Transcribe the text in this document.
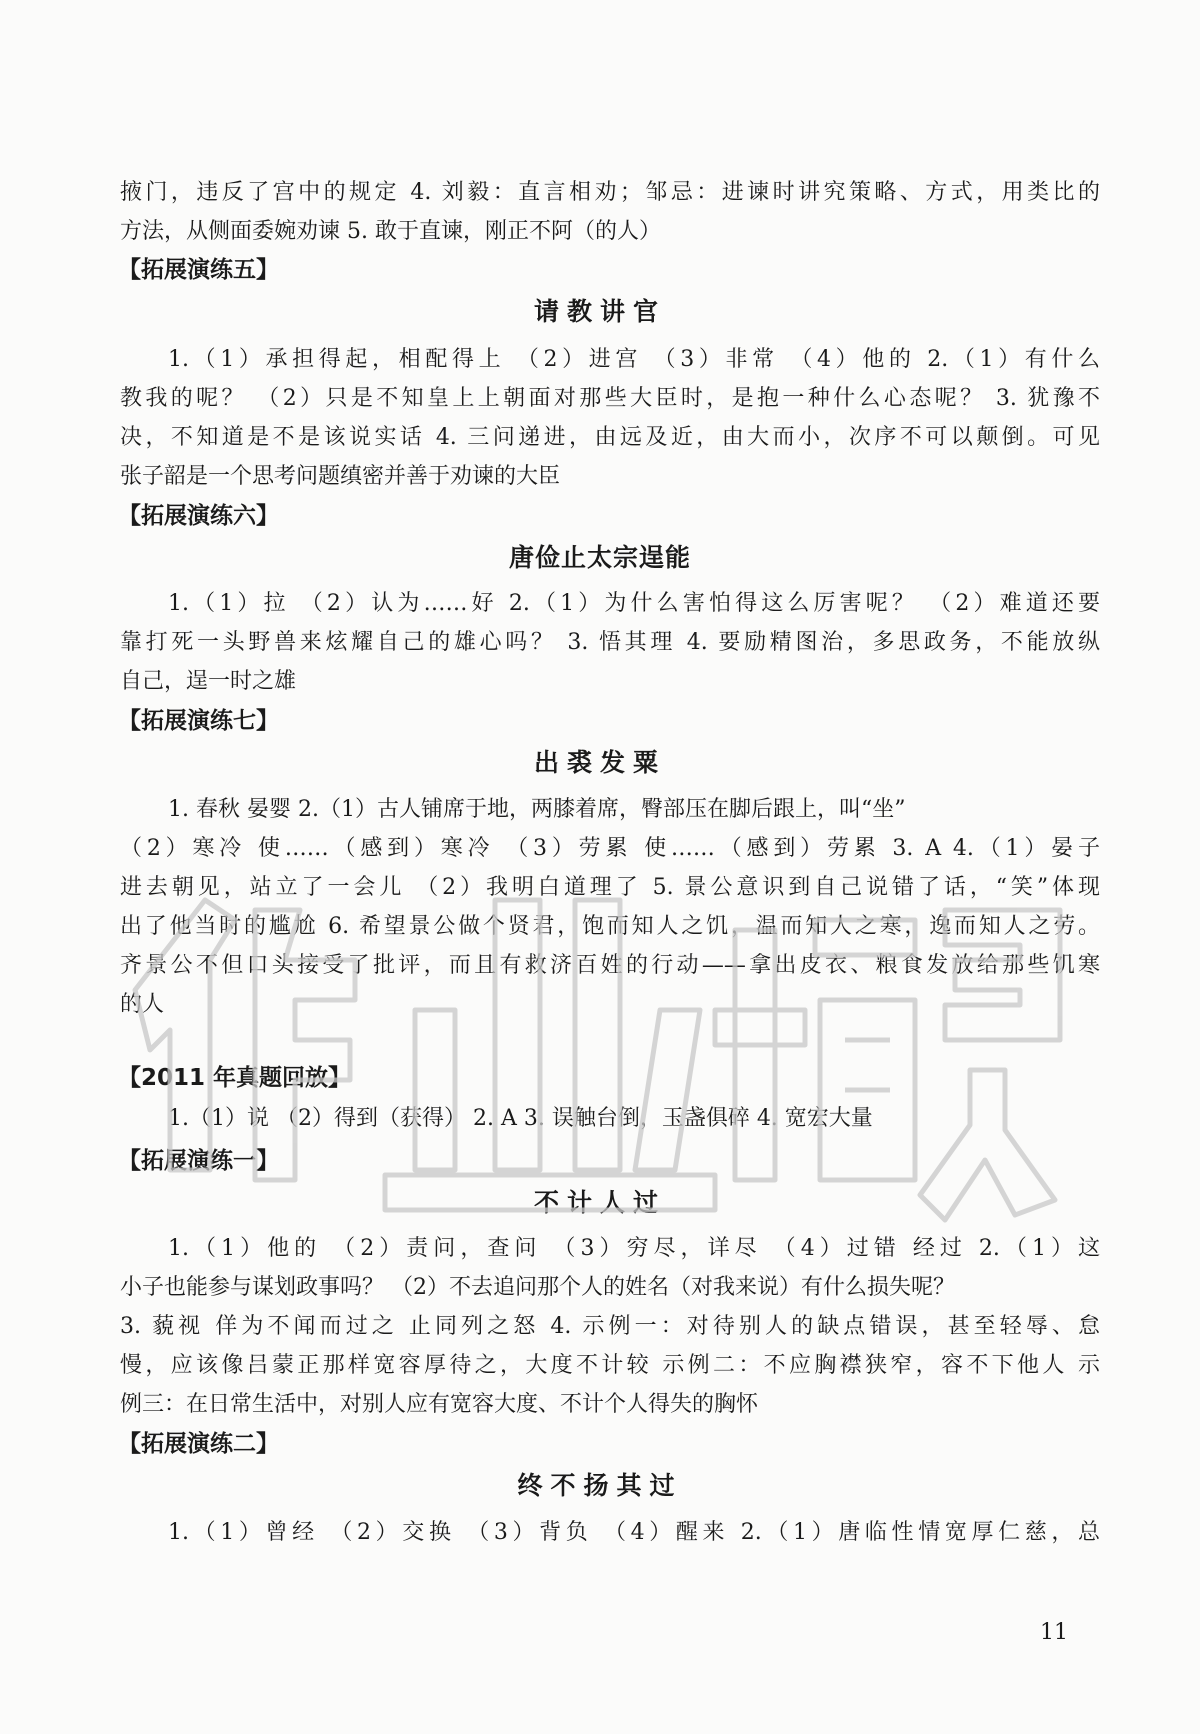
掖门，违反了宫中的规定 4. 刘毅：直言相劝；邹忌：进谏时讲究策略、方式，用类比的
方法，从侧面委婉劝谏 5. 敢于直谏，刚正不阿（的人）
【拓展演练五】
请教讲官
1.（1）承担得起，相配得上 （2）进宫 （3）非常 （4）他的 2.（1）有什么
教我的呢？ （2）只是不知皇上上朝面对那些大臣时，是抱一种什么心态呢？ 3. 犹豫不
决，不知道是不是该说实话 4. 三问递进，由远及近，由大而小，次序不可以颠倒。可见
张子韶是一个思考问题缜密并善于劝谏的大臣
【拓展演练六】
唐俭止太宗逞能
1.（1）拉 （2）认为……好 2.（1）为什么害怕得这么厉害呢？ （2）难道还要
靠打死一头野兽来炫耀自己的雄心吗？ 3. 悟其理 4. 要励精图治，多思政务，不能放纵
自己，逞一时之雄
【拓展演练七】
出裘发粟
1. 春秋 晏婴 2.（1）古人铺席于地，两膝着席，臀部压在脚后跟上，叫“坐”
（2）寒冷 使……（感到）寒冷 （3）劳累 使……（感到）劳累 3. A 4.（1）晏子
进去朝见，站立了一会儿 （2）我明白道理了 5. 景公意识到自己说错了话，“笑”体现
出了他当时的尴尬 6. 希望景公做个贤君，饱而知人之饥，温而知人之寒，逸而知人之劳。
齐景公不但口头接受了批评，而且有救济百姓的行动——拿出皮衣、粮食发放给那些饥寒
的人
【2011 年真题回放】
1.（1）说 （2）得到（获得） 2. A 3. 误触台倒，玉盏俱碎 4. 宽宏大量
【拓展演练一】
不计人过
1.（1）他的 （2）责问，查问 （3）穷尽，详尽 （4）过错 经过 2.（1）这
小子也能参与谋划政事吗？ （2）不去追问那个人的姓名（对我来说）有什么损失呢？
3. 藐视 佯为不闻而过之 止同列之怒 4. 示例一：对待别人的缺点错误，甚至轻辱、怠
慢，应该像吕蒙正那样宽容厚待之，大度不计较 示例二：不应胸襟狭窄，容不下他人 示
例三：在日常生活中，对别人应有宽容大度、不计个人得失的胸怀
【拓展演练二】
终不扬其过
1.（1）曾经 （2）交换 （3）背负 （4）醒来 2.（1）唐临性情宽厚仁慈，总
11
